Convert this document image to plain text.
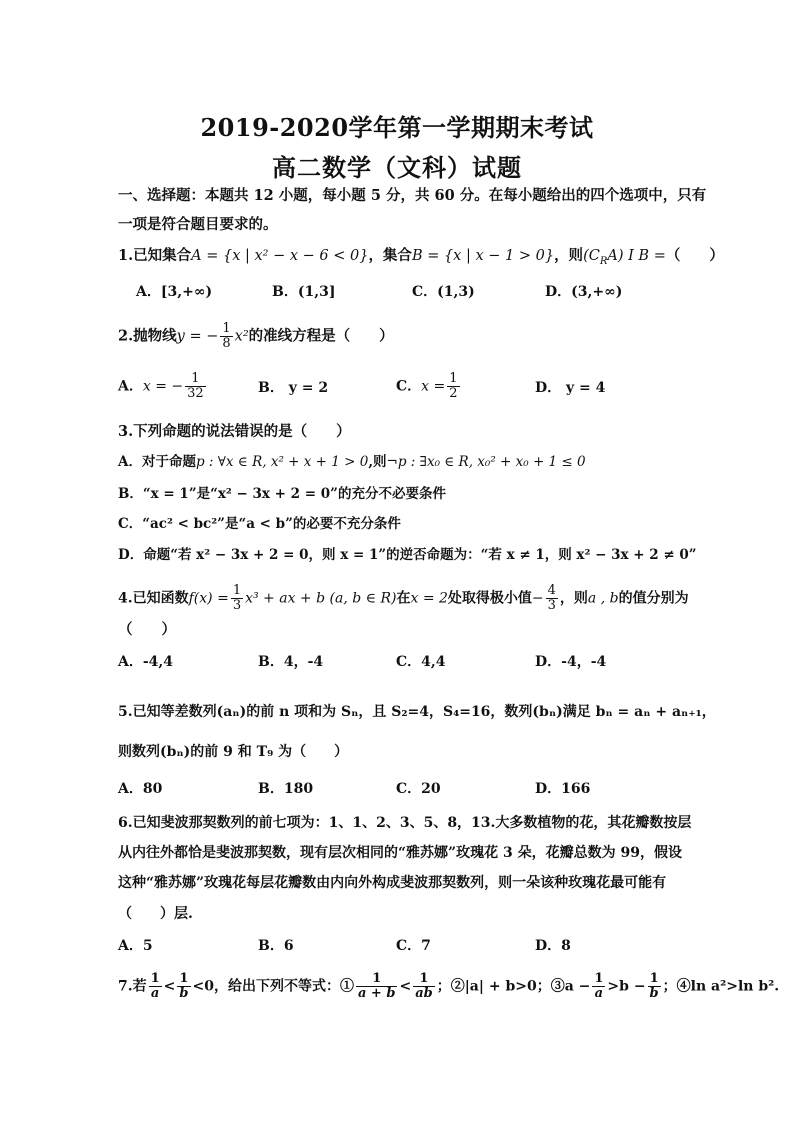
2019-2020学年第一学期期末考试
高二数学（文科）试题
一、选择题：本题共 12 小题，每小题 5 分，共 60 分。在每小题给出的四个选项中，只有
一项是符合题目要求的。
1.已知集合A = {x | x² − x − 6 < 0}，集合B = {x | x − 1 > 0}，则$(C_RA)$ I B =（　　）
A．[3,+∞)	B．(1,3]	C．(1,3)	D．(3,+∞)
2.抛物线y = − $\frac{1}{8} x^2$的准线方程是（　　）
A．x = − $\frac{1}{32}$	B． y = 2	C．$x = \frac{1}{2}$	D． y = 4
3.下列命题的说法错误的是（　　）
A．对于命题p : ∀x ∈ R, x² + x + 1 > 0,则¬p : ∃x₀ ∈ R, x₀² + x₀ + 1 ≤ 0
B．“x = 1”是“x² − 3x + 2 = 0”的充分不必要条件
C．“ac² < bc²”是“a < b”的必要不充分条件
D．命题“若 x² − 3x + 2 = 0，则 x = 1”的逆否命题为：“若 x ≠ 1，则 x² − 3x + 2 ≠ 0”
4.已知函数$f(x) = \frac{1}{3} x^3$ + ax + b (a, b ∈ R)在x = 2处取得极小值− $\frac{4}{3}$ ，则a , b的值分别为
（　　）
A．-4,4	B．4，-4	C．4,4	D．-4，-4
5.已知等差数列(aₙ)的前 n 项和为 Sₙ，且 S₂=4，S₄=16，数列(bₙ)满足 bₙ = aₙ + aₙ₊₁，
则数列(bₙ)的前 9 和 T₉ 为（　　）
A．80	B．180	C．20	D．166
6.已知斐波那契数列的前七项为：1、1、2、3、5、8，13.大多数植物的花，其花瓣数按层
从内往外都恰是斐波那契数，现有层次相同的“雅苏娜”玫瑰花 3 朵，花瓣总数为 99，假设
这种“雅苏娜”玫瑰花每层花瓣数由内向外构成斐波那契数列，则一朵该种玫瑰花最可能有
（　　）层.
A．5	B．6	C．7	D．8
7.若 $\frac{1}{a} < \frac{1}{b} <0$，给出下列不等式：① $\frac{1}{a + b} < \frac{1}{ab}$ ；②|a| + b>0；③a − $\frac{1}{a} >b - \frac{1}{b}$ ；④ln a²>ln b².
